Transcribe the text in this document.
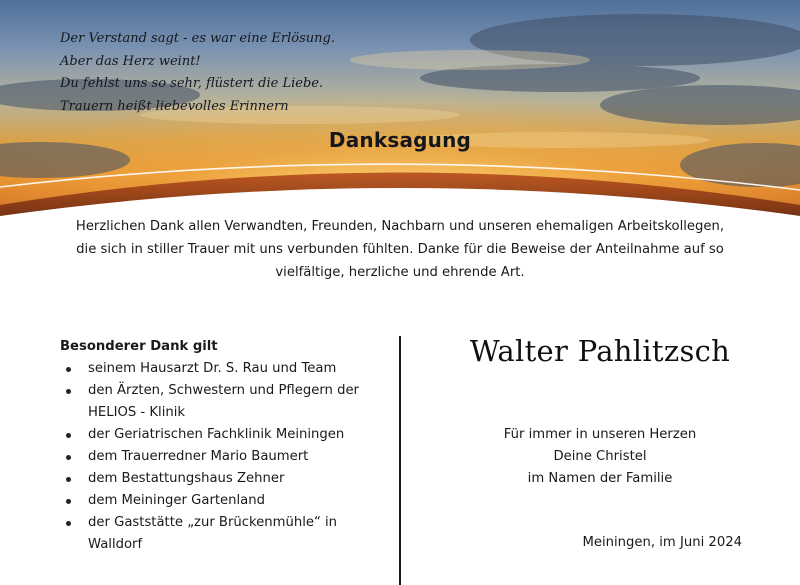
Der Verstand sagt - es war eine Erlösung.
Aber das Herz weint!
Du fehlst uns so sehr, flüstert die Liebe.
Trauern heißt liebevolles Erinnern
Danksagung
Herzlichen Dank allen Verwandten, Freunden, Nachbarn und unseren ehemaligen Arbeitskollegen,
die sich in stiller Trauer mit uns verbunden fühlten. Danke für die Beweise der Anteilnahme auf so
vielfältige, herzliche und ehrende Art.
Besonderer Dank gilt
seinem Hausarzt Dr. S. Rau und Team
den Ärzten, Schwestern und Pflegern der HELIOS - Klinik
der Geriatrischen Fachklinik Meiningen
dem Trauerredner Mario Baumert
dem Bestattungshaus Zehner
dem Meininger Gartenland
der Gaststätte „zur Brückenmühle“ in Walldorf
Walter Pahlitzsch
Für immer in unseren Herzen
Deine Christel
im Namen der Familie
Meiningen, im Juni 2024
